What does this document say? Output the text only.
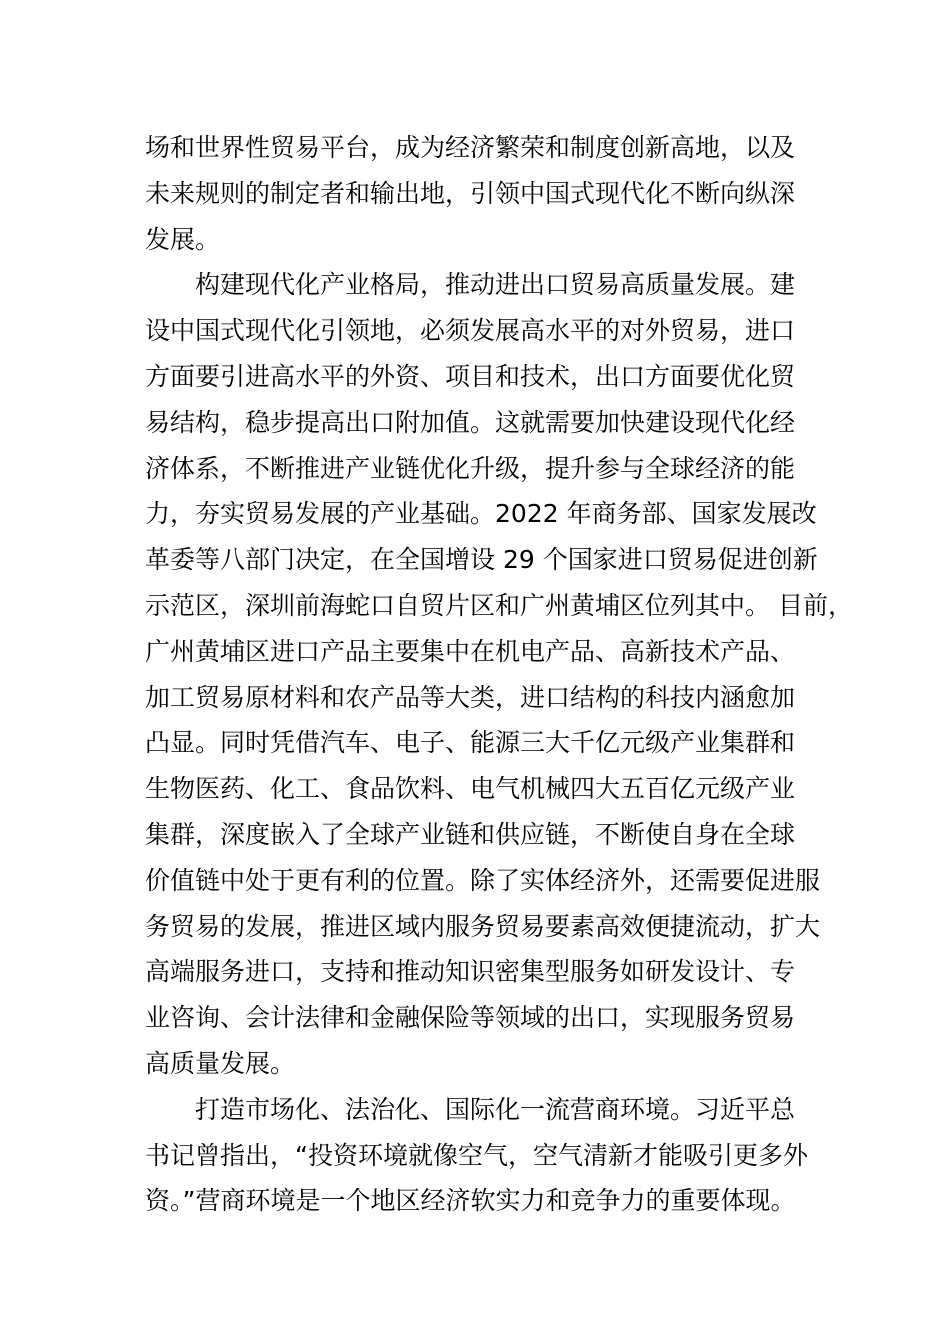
场和世界性贸易平台，成为经济繁荣和制度创新高地，以及
未来规则的制定者和输出地，引领中国式现代化不断向纵深
发展。
构建现代化产业格局，推动进出口贸易高质量发展。建
设中国式现代化引领地，必须发展高水平的对外贸易，进口
方面要引进高水平的外资、项目和技术，出口方面要优化贸
易结构，稳步提高出口附加值。这就需要加快建设现代化经
济体系，不断推进产业链优化升级，提升参与全球经济的能
力，夯实贸易发展的产业基础。2022 年商务部、国家发展改
革委等八部门决定，在全国增设 29 个国家进口贸易促进创新
示范区，深圳前海蛇口自贸片区和广州黄埔区位列其中。 目前，
广州黄埔区进口产品主要集中在机电产品、高新技术产品、
加工贸易原材料和农产品等大类，进口结构的科技内涵愈加
凸显。同时凭借汽车、电子、能源三大千亿元级产业集群和
生物医药、化工、食品饮料、电气机械四大五百亿元级产业
集群，深度嵌入了全球产业链和供应链，不断使自身在全球
价值链中处于更有利的位置。除了实体经济外，还需要促进服
务贸易的发展，推进区域内服务贸易要素高效便捷流动，扩大
高端服务进口，支持和推动知识密集型服务如研发设计、专
业咨询、会计法律和金融保险等领域的出口，实现服务贸易
高质量发展。
打造市场化、法治化、国际化一流营商环境。习近平总
书记曾指出，“投资环境就像空气，空气清新才能吸引更多外
资。”营商环境是一个地区经济软实力和竞争力的重要体现。
